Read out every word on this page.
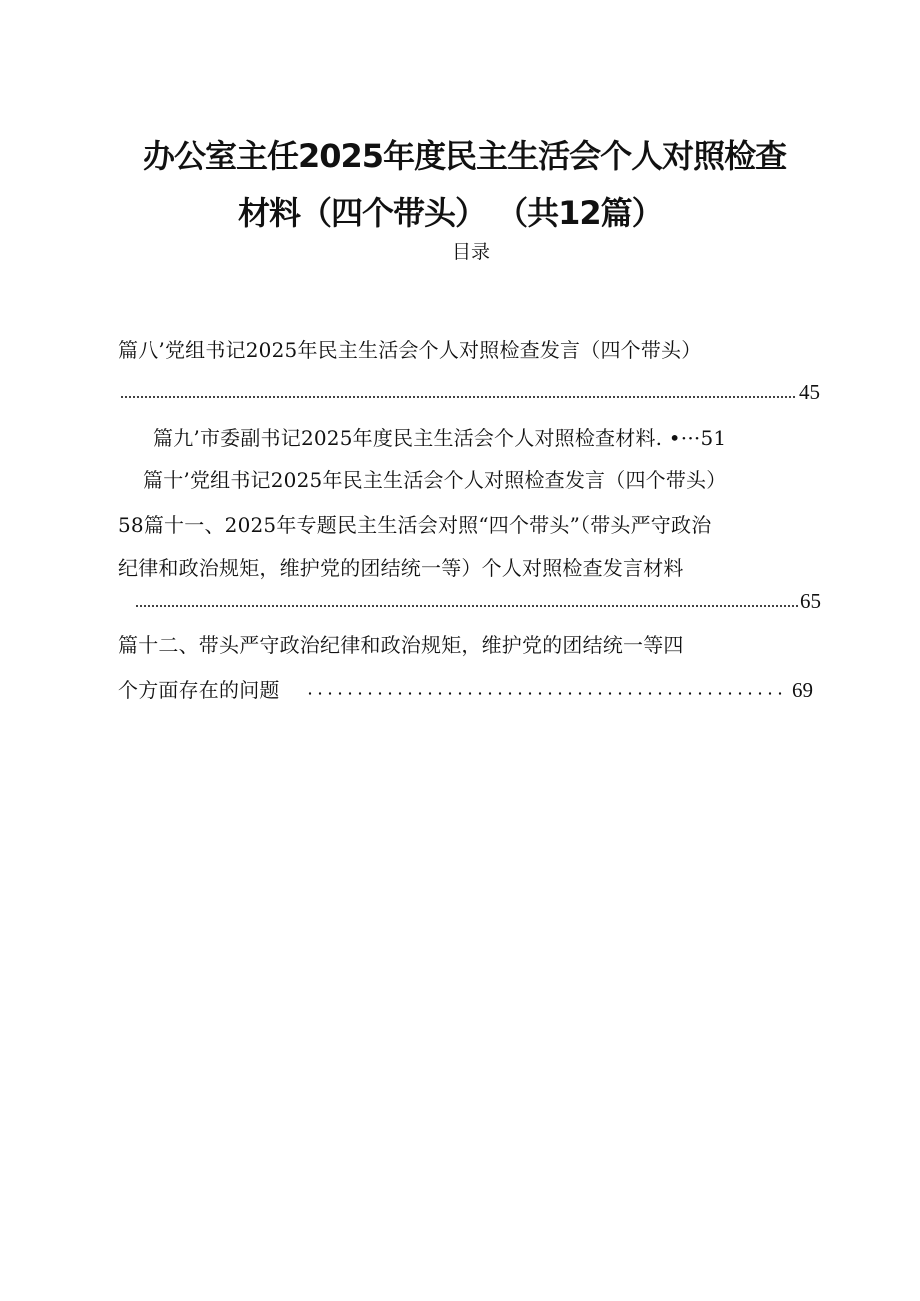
办公室主任2025年度民主生活会个人对照检查
材料（四个带头） （共12篇）
目录
篇八’党组书记2025年民主生活会个人对照检查发言（四个带头）
45
篇九’市委副书记2025年度民主生活会个人对照检查材料. •···51
篇十’党组书记2025年民主生活会个人对照检查发言（四个带头）
58篇十一、2025年专题民主生活会对照“四个带头”（带头严守政治
纪律和政治规矩，维护党的团结统一等）个人对照检查发言材料
65
篇十二、带头严守政治纪律和政治规矩，维护党的团结统一等四
个方面存在的问题	69
